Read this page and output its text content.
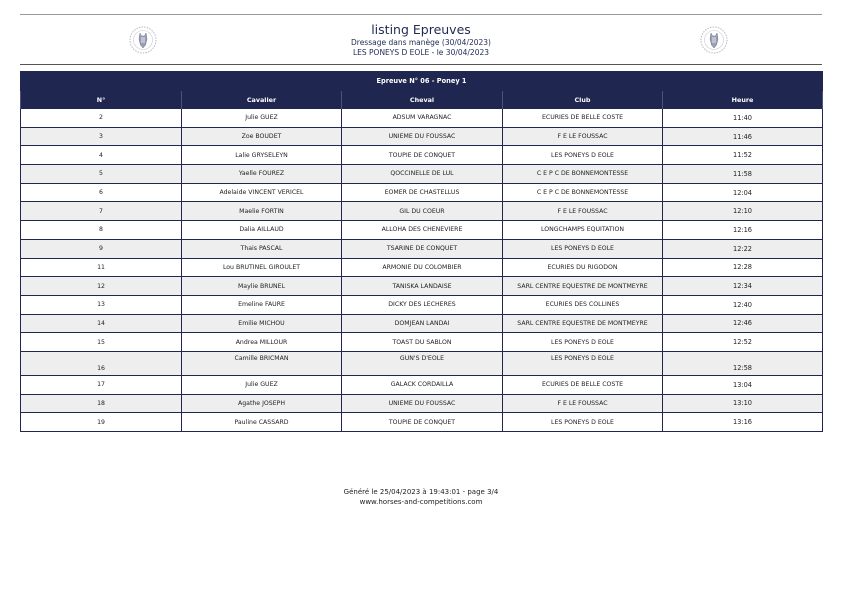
listing Epreuves
Dressage dans manège (30/04/2023)
LES PONEYS D EOLE - le 30/04/2023
Epreuve N° 06 - Poney 1				
N°	Cavalier	Cheval	Club	Heure
2	Julie GUEZ	ADSUM VARAGNAC	ECURIES DE BELLE COSTE	11:40
3	Zoe BOUDET	UNIEME DU FOUSSAC	F E LE FOUSSAC	11:46
4	Lalie GRYSELEYN	TOUPIE DE CONQUET	LES PONEYS D EOLE	11:52
5	Yaelle FOUREZ	QOCCINELLE DE LUL	C E P C DE BONNEMONTESSE	11:58
6	Adelaide VINCENT VERICEL	EOMER DE CHASTELLUS	C E P C DE BONNEMONTESSE	12:04
7	Maelie FORTIN	GIL DU COEUR	F E LE FOUSSAC	12:10
8	Dalia AILLAUD	ALLOHA DES CHENEVIERE	LONGCHAMPS EQUITATION	12:16
9	Thais PASCAL	TSARINE DE CONQUET	LES PONEYS D EOLE	12:22
11	Lou BRUTINEL GIROULET	ARMONIE DU COLOMBIER	ECURIES DU RIGODON	12:28
12	Maylie BRUNEL	TANISKA LANDAISE	SARL CENTRE EQUESTRE DE MONTMEYRE	12:34
13	Emeline FAURE	DICKY DES LECHERES	ECURIES DES COLLINES	12:40
14	Emilie MICHOU	DOMJEAN LANDAI	SARL CENTRE EQUESTRE DE MONTMEYRE	12:46
15	Andrea MILLOUR	TOAST DU SABLON	LES PONEYS D EOLE	12:52
16	Camille BRICMAN	GUN'S D'EOLE	LES PONEYS D EOLE	12:58
17	Julie GUEZ	GALACK CORDAILLA	ECURIES DE BELLE COSTE	13:04
18	Agathe JOSEPH	UNIEME DU FOUSSAC	F E LE FOUSSAC	13:10
19	Pauline CASSARD	TOUPIE DE CONQUET	LES PONEYS D EOLE	13:16
Généré le 25/04/2023 à 19:43:01 - page 3/4
www.horses-and-competitions.com
